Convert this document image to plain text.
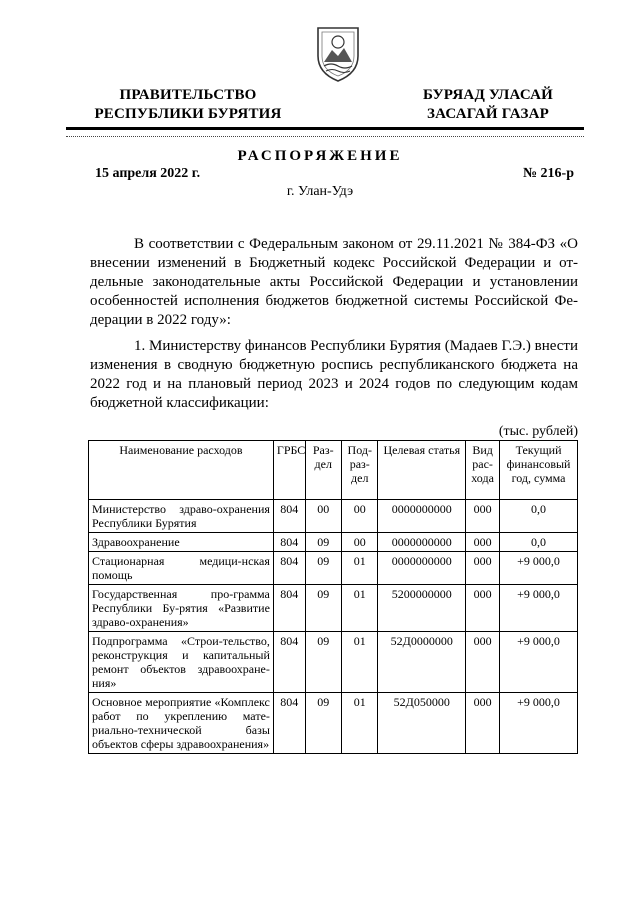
ПРАВИТЕЛЬСТВО
РЕСПУБЛИКИ БУРЯТИЯ
БУРЯАД УЛАСАЙ
ЗАСАГАЙ ГАЗАР
РАСПОРЯЖЕНИЕ
15 апреля 2022 г.	№ 216-р
г. Улан-Удэ
В соответствии с Федеральным законом от 29.11.2021 № 384-ФЗ «О внесении изменений в Бюджетный кодекс Российской Федерации и от-дельные законодательные акты Российской Федерации и установлении особенностей исполнения бюджетов бюджетной системы Российской Фе-дерации в 2022 году»:
1. Министерству финансов Республики Бурятия (Мадаев Г.Э.) внести изменения в сводную бюджетную роспись республиканского бюджета на 2022 год и на плановый период 2023 и 2024 годов по следующим кодам бюджетной классификации:
(тыс. рублей)
Наименование расходов	ГРБС	Раз-дел	Под-раз-дел	Целевая статья	Вид рас-хода	Текущий финансовый год, сумма
Министерство здраво-охранения Республики Бурятия	804	00	00	0000000000	000	0,0
Здравоохранение	804	09	00	0000000000	000	0,0
Стационарная медици-нская помощь	804	09	01	0000000000	000	+9 000,0
Государственная про-грамма Республики Бу-рятия «Развитие здраво-охранения»	804	09	01	5200000000	000	+9 000,0
Подпрограмма «Строи-тельство, реконструкция и капитальный ремонт объектов здравоохране-ния»	804	09	01	52Д0000000	000	+9 000,0
Основное мероприятие «Комплекс работ по укреплению мате-риально-технической базы объектов сферы здравоохранения»	804	09	01	52Д050000	000	+9 000,0
